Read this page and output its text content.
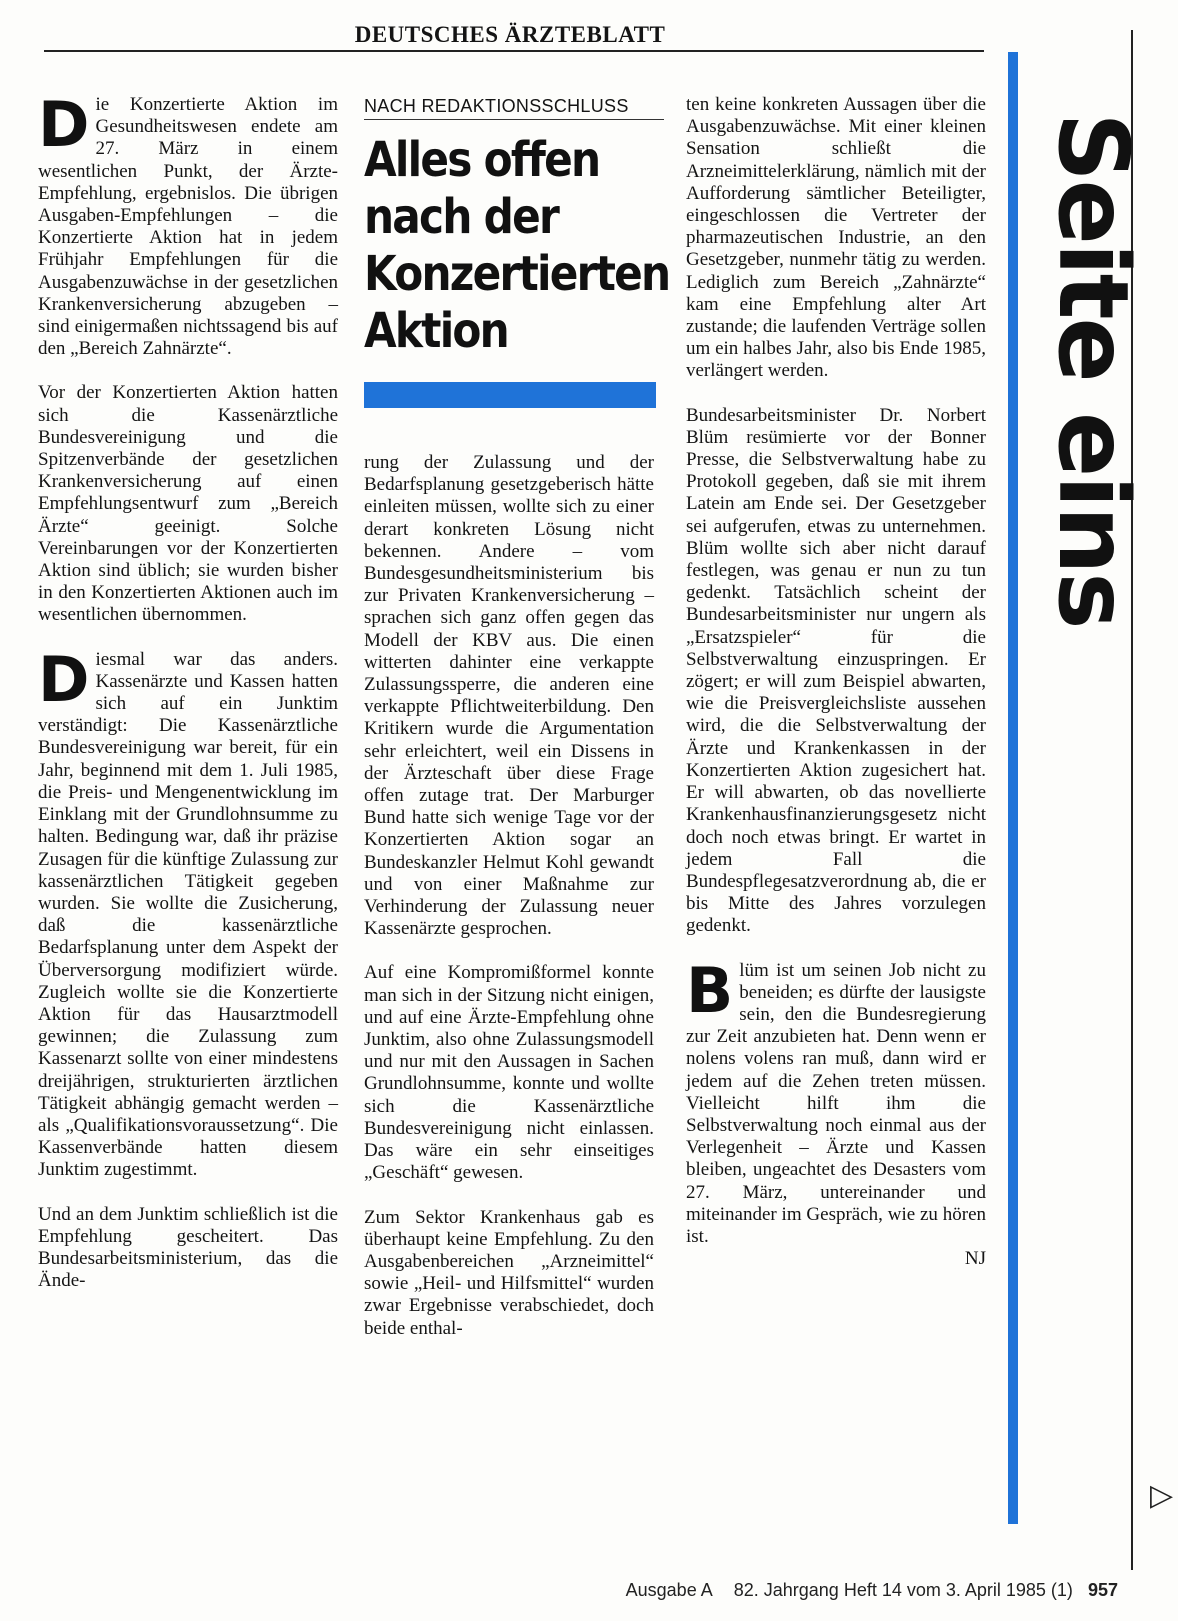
DEUTSCHES ÄRZTEBLATT
Seite eins

Die Konzertierte Aktion im Gesundheitswesen endete am 27. März in einem wesentlichen Punkt, der Ärzte-Empfehlung, ergebnislos. Die übrigen Ausgaben-Empfehlungen – die Konzertierte Aktion hat in jedem Frühjahr Empfehlungen für die Ausgabenzuwächse in der gesetzlichen Krankenversicherung abzugeben – sind einigermaßen nichtssagend bis auf den „Bereich Zahnärzte“.

Vor der Konzertierten Aktion hatten sich die Kassenärztliche Bundesvereinigung und die Spitzenverbände der gesetzlichen Krankenversicherung auf einen Empfehlungsentwurf zum „Bereich Ärzte“ geeinigt. Solche Vereinbarungen vor der Konzertierten Aktion sind üblich; sie wurden bisher in den Konzertierten Aktionen auch im wesentlichen übernommen.

Diesmal war das anders. Kassenärzte und Kassen hatten sich auf ein Junktim verständigt: Die Kassenärztliche Bundesvereinigung war bereit, für ein Jahr, beginnend mit dem 1. Juli 1985, die Preis- und Mengenentwicklung im Einklang mit der Grundlohnsumme zu halten. Bedingung war, daß ihr präzise Zusagen für die künftige Zulassung zur kassenärztlichen Tätigkeit gegeben wurden. Sie wollte die Zusicherung, daß die kassenärztliche Bedarfsplanung unter dem Aspekt der Überversorgung modifiziert würde. Zugleich wollte sie die Konzertierte Aktion für das Hausarztmodell gewinnen; die Zulassung zum Kassenarzt sollte von einer mindestens dreijährigen, strukturierten ärztlichen Tätigkeit abhängig gemacht werden – als „Qualifikationsvoraussetzung“. Die Kassenverbände hatten diesem Junktim zugestimmt.

Und an dem Junktim schließlich ist die Empfehlung gescheitert. Das Bundesarbeitsministerium, das die Ände-

NACH REDAKTIONSSCHLUSS
Alles offen nach der Konzertierten Aktion

rung der Zulassung und der Bedarfsplanung gesetzgeberisch hätte einleiten müssen, wollte sich zu einer derart konkreten Lösung nicht bekennen. Andere – vom Bundesgesundheitsministerium bis zur Privaten Krankenversicherung – sprachen sich ganz offen gegen das Modell der KBV aus. Die einen witterten dahinter eine verkappte Zulassungssperre, die anderen eine verkappte Pflichtweiterbildung. Den Kritikern wurde die Argumentation sehr erleichtert, weil ein Dissens in der Ärzteschaft über diese Frage offen zutage trat. Der Marburger Bund hatte sich wenige Tage vor der Konzertierten Aktion sogar an Bundeskanzler Helmut Kohl gewandt und von einer Maßnahme zur Verhinderung der Zulassung neuer Kassenärzte gesprochen.

Auf eine Kompromißformel konnte man sich in der Sitzung nicht einigen, und auf eine Ärzte-Empfehlung ohne Junktim, also ohne Zulassungsmodell und nur mit den Aussagen in Sachen Grundlohnsumme, konnte und wollte sich die Kassenärztliche Bundesvereinigung nicht einlassen. Das wäre ein sehr einseitiges „Geschäft“ gewesen.

Zum Sektor Krankenhaus gab es überhaupt keine Empfehlung. Zu den Ausgabenbereichen „Arzneimittel“ sowie „Heil- und Hilfsmittel“ wurden zwar Ergebnisse verabschiedet, doch beide enthal-

ten keine konkreten Aussagen über die Ausgabenzuwächse. Mit einer kleinen Sensation schließt die Arzneimittelerklärung, nämlich mit der Aufforderung sämtlicher Beteiligter, eingeschlossen die Vertreter der pharmazeutischen Industrie, an den Gesetzgeber, nunmehr tätig zu werden. Lediglich zum Bereich „Zahnärzte“ kam eine Empfehlung alter Art zustande; die laufenden Verträge sollen um ein halbes Jahr, also bis Ende 1985, verlängert werden.

Bundesarbeitsminister Dr. Norbert Blüm resümierte vor der Bonner Presse, die Selbstverwaltung habe zu Protokoll gegeben, daß sie mit ihrem Latein am Ende sei. Der Gesetzgeber sei aufgerufen, etwas zu unternehmen. Blüm wollte sich aber nicht darauf festlegen, was genau er nun zu tun gedenkt. Tatsächlich scheint der Bundesarbeitsminister nur ungern als „Ersatzspieler“ für die Selbstverwaltung einzuspringen. Er zögert; er will zum Beispiel abwarten, wie die Preisvergleichsliste aussehen wird, die die Selbstverwaltung der Ärzte und Krankenkassen in der Konzertierten Aktion zugesichert hat. Er will abwarten, ob das novellierte Krankenhausfinanzierungsgesetz nicht doch noch etwas bringt. Er wartet in jedem Fall die Bundespflegesatzverordnung ab, die er bis Mitte des Jahres vorzulegen gedenkt.

Blüm ist um seinen Job nicht zu beneiden; es dürfte der lausigste sein, den die Bundesregierung zur Zeit anzubieten hat. Denn wenn er nolens volens ran muß, dann wird er jedem auf die Zehen treten müssen. Vielleicht hilft ihm die Selbstverwaltung noch einmal aus der Verlegenheit – Ärzte und Kassen bleiben, ungeachtet des Desasters vom 27. März, untereinander und miteinander im Gespräch, wie zu hören ist.

NJ
▷
Ausgabe A 82. Jahrgang Heft 14 vom 3. April 1985 (1) 957
